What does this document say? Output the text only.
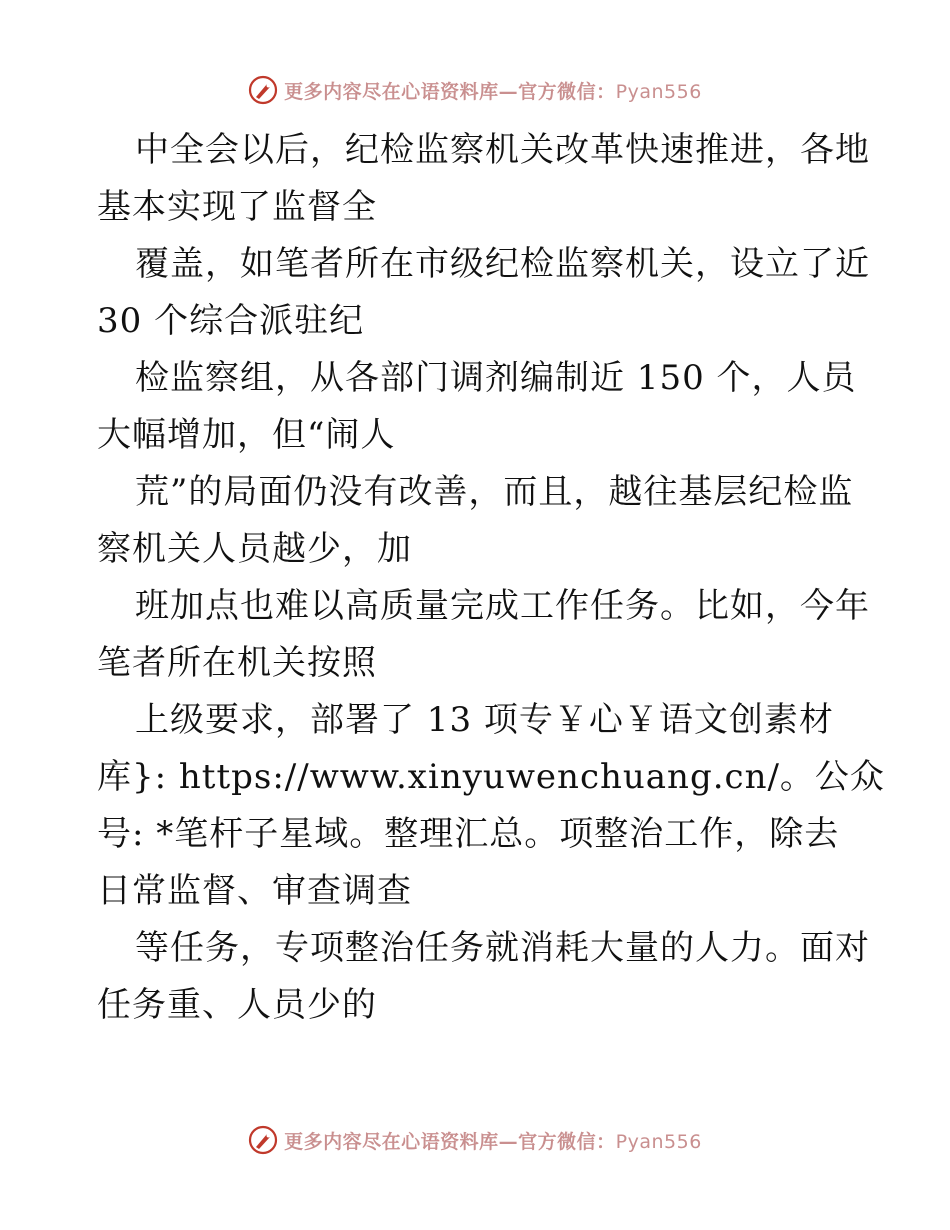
更多内容尽在心语资料库—官方微信：Pyan556
中全会以后，纪检监察机关改革快速推进，各地
基本实现了监督全
覆盖，如笔者所在市级纪检监察机关，设立了近
30 个综合派驻纪
检监察组，从各部门调剂编制近 150 个，人员
大幅增加，但“闹人
荒”的局面仍没有改善，而且，越往基层纪检监
察机关人员越少，加
班加点也难以高质量完成工作任务。比如，今年
笔者所在机关按照
上级要求，部署了 13 项专￥心￥语文创素材
库}: https://www.xinyuwenchuang.cn/。公众
号: *笔杆子星域。整理汇总。项整治工作，除去
日常监督、审查调查
等任务，专项整治任务就消耗大量的人力。面对
任务重、人员少的
更多内容尽在心语资料库—官方微信：Pyan556
